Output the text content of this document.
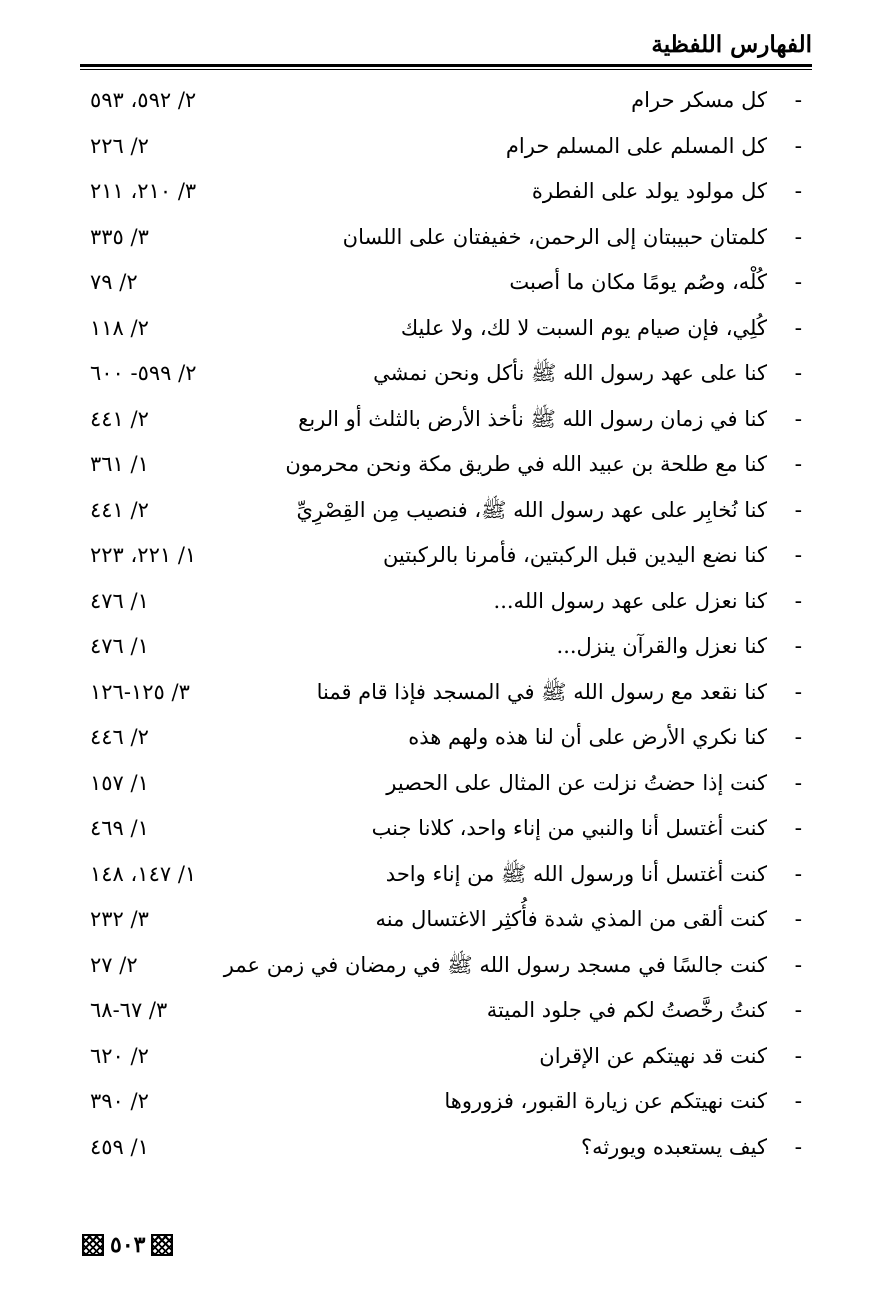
الفهارس اللفظية
-
كل مسكر حرام
٢/ ٥٩٢، ٥٩٣
-
كل المسلم على المسلم حرام
٢/ ٢٢٦
-
كل مولود يولد على الفطرة
٣/ ٢١٠، ٢١١
-
كلمتان حبيبتان إلى الرحمن، خفيفتان على اللسان
٣/ ٣٣٥
-
كُلْه، وصُم يومًا مكان ما أصبت
٢/ ٧٩
-
كُلِي، فإن صيام يوم السبت لا لك، ولا عليك
٢/ ١١٨
-
كنا على عهد رسول الله ﷺ نأكل ونحن نمشي
٢/ ٥٩٩- ٦٠٠
-
كنا في زمان رسول الله ﷺ نأخذ الأرض بالثلث أو الربع
٢/ ٤٤١
-
كنا مع طلحة بن عبيد الله في طريق مكة ونحن محرمون
١/ ٣٦١
-
كنا نُخابِر على عهد رسول الله ﷺ، فنصيب مِن القِصْرِيِّ
٢/ ٤٤١
-
كنا نضع اليدين قبل الركبتين، فأمرنا بالركبتين
١/ ٢٢١، ٢٢٣
-
كنا نعزل على عهد رسول الله...
١/ ٤٧٦
-
كنا نعزل والقرآن ينزل...
١/ ٤٧٦
-
كنا نقعد مع رسول الله ﷺ في المسجد فإذا قام قمنا
٣/ ١٢٥-١٢٦
-
كنا نكري الأرض على أن لنا هذه ولهم هذه
٢/ ٤٤٦
-
كنت إذا حضتُ نزلت عن المثال على الحصير
١/ ١٥٧
-
كنت أغتسل أنا والنبي من إناء واحد، كلانا جنب
١/ ٤٦٩
-
كنت أغتسل أنا ورسول الله ﷺ من إناء واحد
١/ ١٤٧، ١٤٨
-
كنت ألقى من المذي شدة فأُكثِر الاغتسال منه
٣/ ٢٣٢
-
كنت جالسًا في مسجد رسول الله ﷺ في رمضان في زمن عمر
٢/ ٢٧
-
كنتُ رخَّصتُ لكم في جلود الميتة
٣/ ٦٧-٦٨
-
كنت قد نهيتكم عن الإقران
٢/ ٦٢٠
-
كنت نهيتكم عن زيارة القبور، فزوروها
٢/ ٣٩٠
-
كيف يستعبده ويورثه؟
١/ ٤٥٩
٥٠٣
